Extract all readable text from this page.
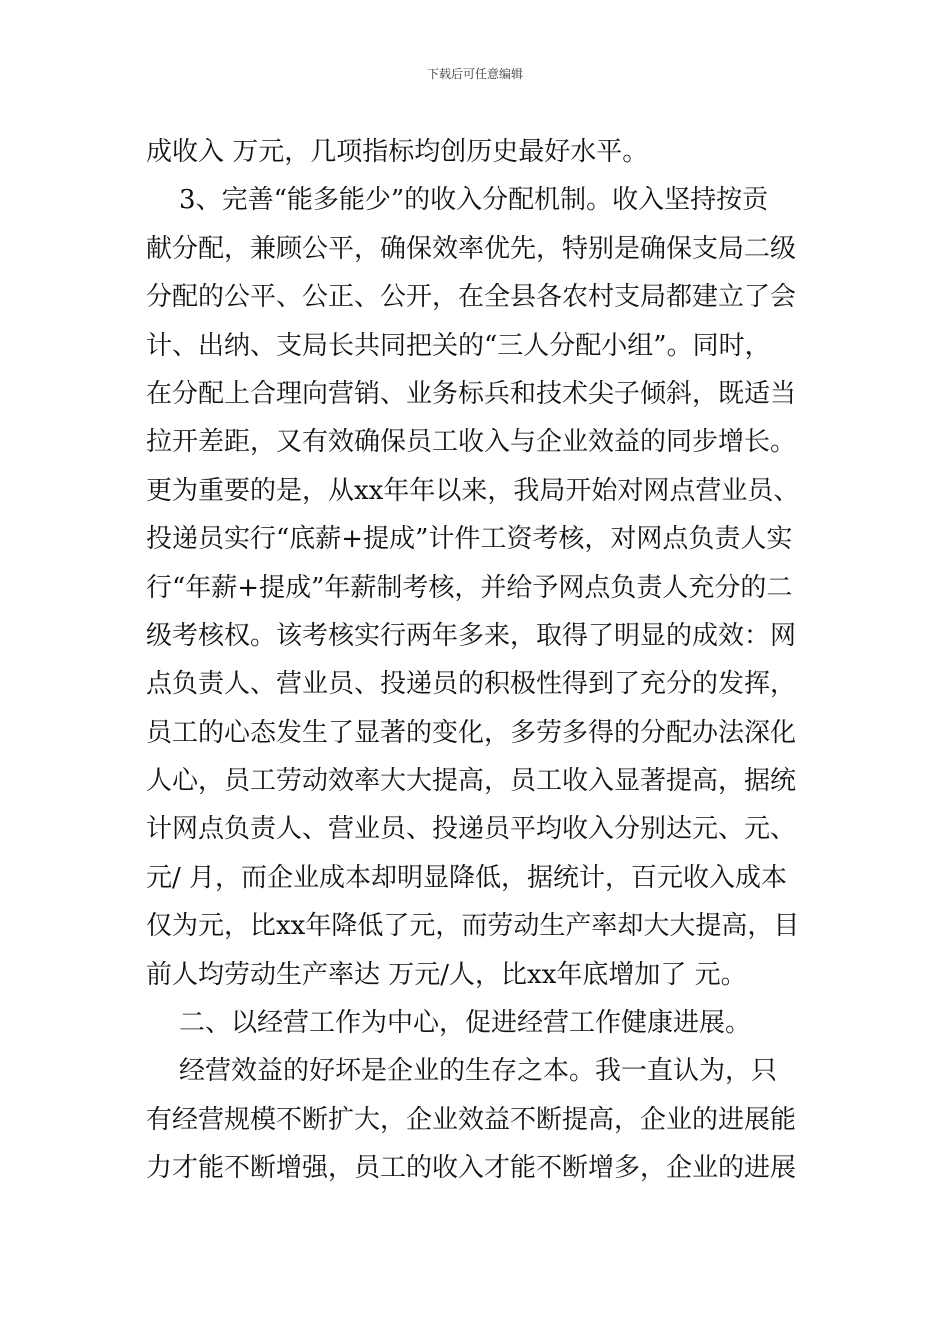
下载后可任意编辑
成收入 万元，几项指标均创历史最好水平。
3、完善“能多能少”的收入分配机制。收入坚持按贡
献分配，兼顾公平，确保效率优先，特别是确保支局二级
分配的公平、公正、公开，在全县各农村支局都建立了会
计、出纳、支局长共同把关的“三人分配小组”。同时，
在分配上合理向营销、业务标兵和技术尖子倾斜，既适当
拉开差距，又有效确保员工收入与企业效益的同步增长。
更为重要的是，从xx年年以来，我局开始对网点营业员、
投递员实行“底薪+提成”计件工资考核，对网点负责人实
行“年薪+提成”年薪制考核，并给予网点负责人充分的二
级考核权。该考核实行两年多来，取得了明显的成效：网
点负责人、营业员、投递员的积极性得到了充分的发挥，
员工的心态发生了显著的变化，多劳多得的分配办法深化
人心，员工劳动效率大大提高，员工收入显著提高，据统
计网点负责人、营业员、投递员平均收入分别达元、元、
元/ 月，而企业成本却明显降低，据统计，百元收入成本
仅为元，比xx年降低了元，而劳动生产率却大大提高，目
前人均劳动生产率达 万元/人，比xx年底增加了 元。
二、以经营工作为中心，促进经营工作健康进展。
经营效益的好坏是企业的生存之本。我一直认为，只
有经营规模不断扩大，企业效益不断提高，企业的进展能
力才能不断增强，员工的收入才能不断增多，企业的进展
